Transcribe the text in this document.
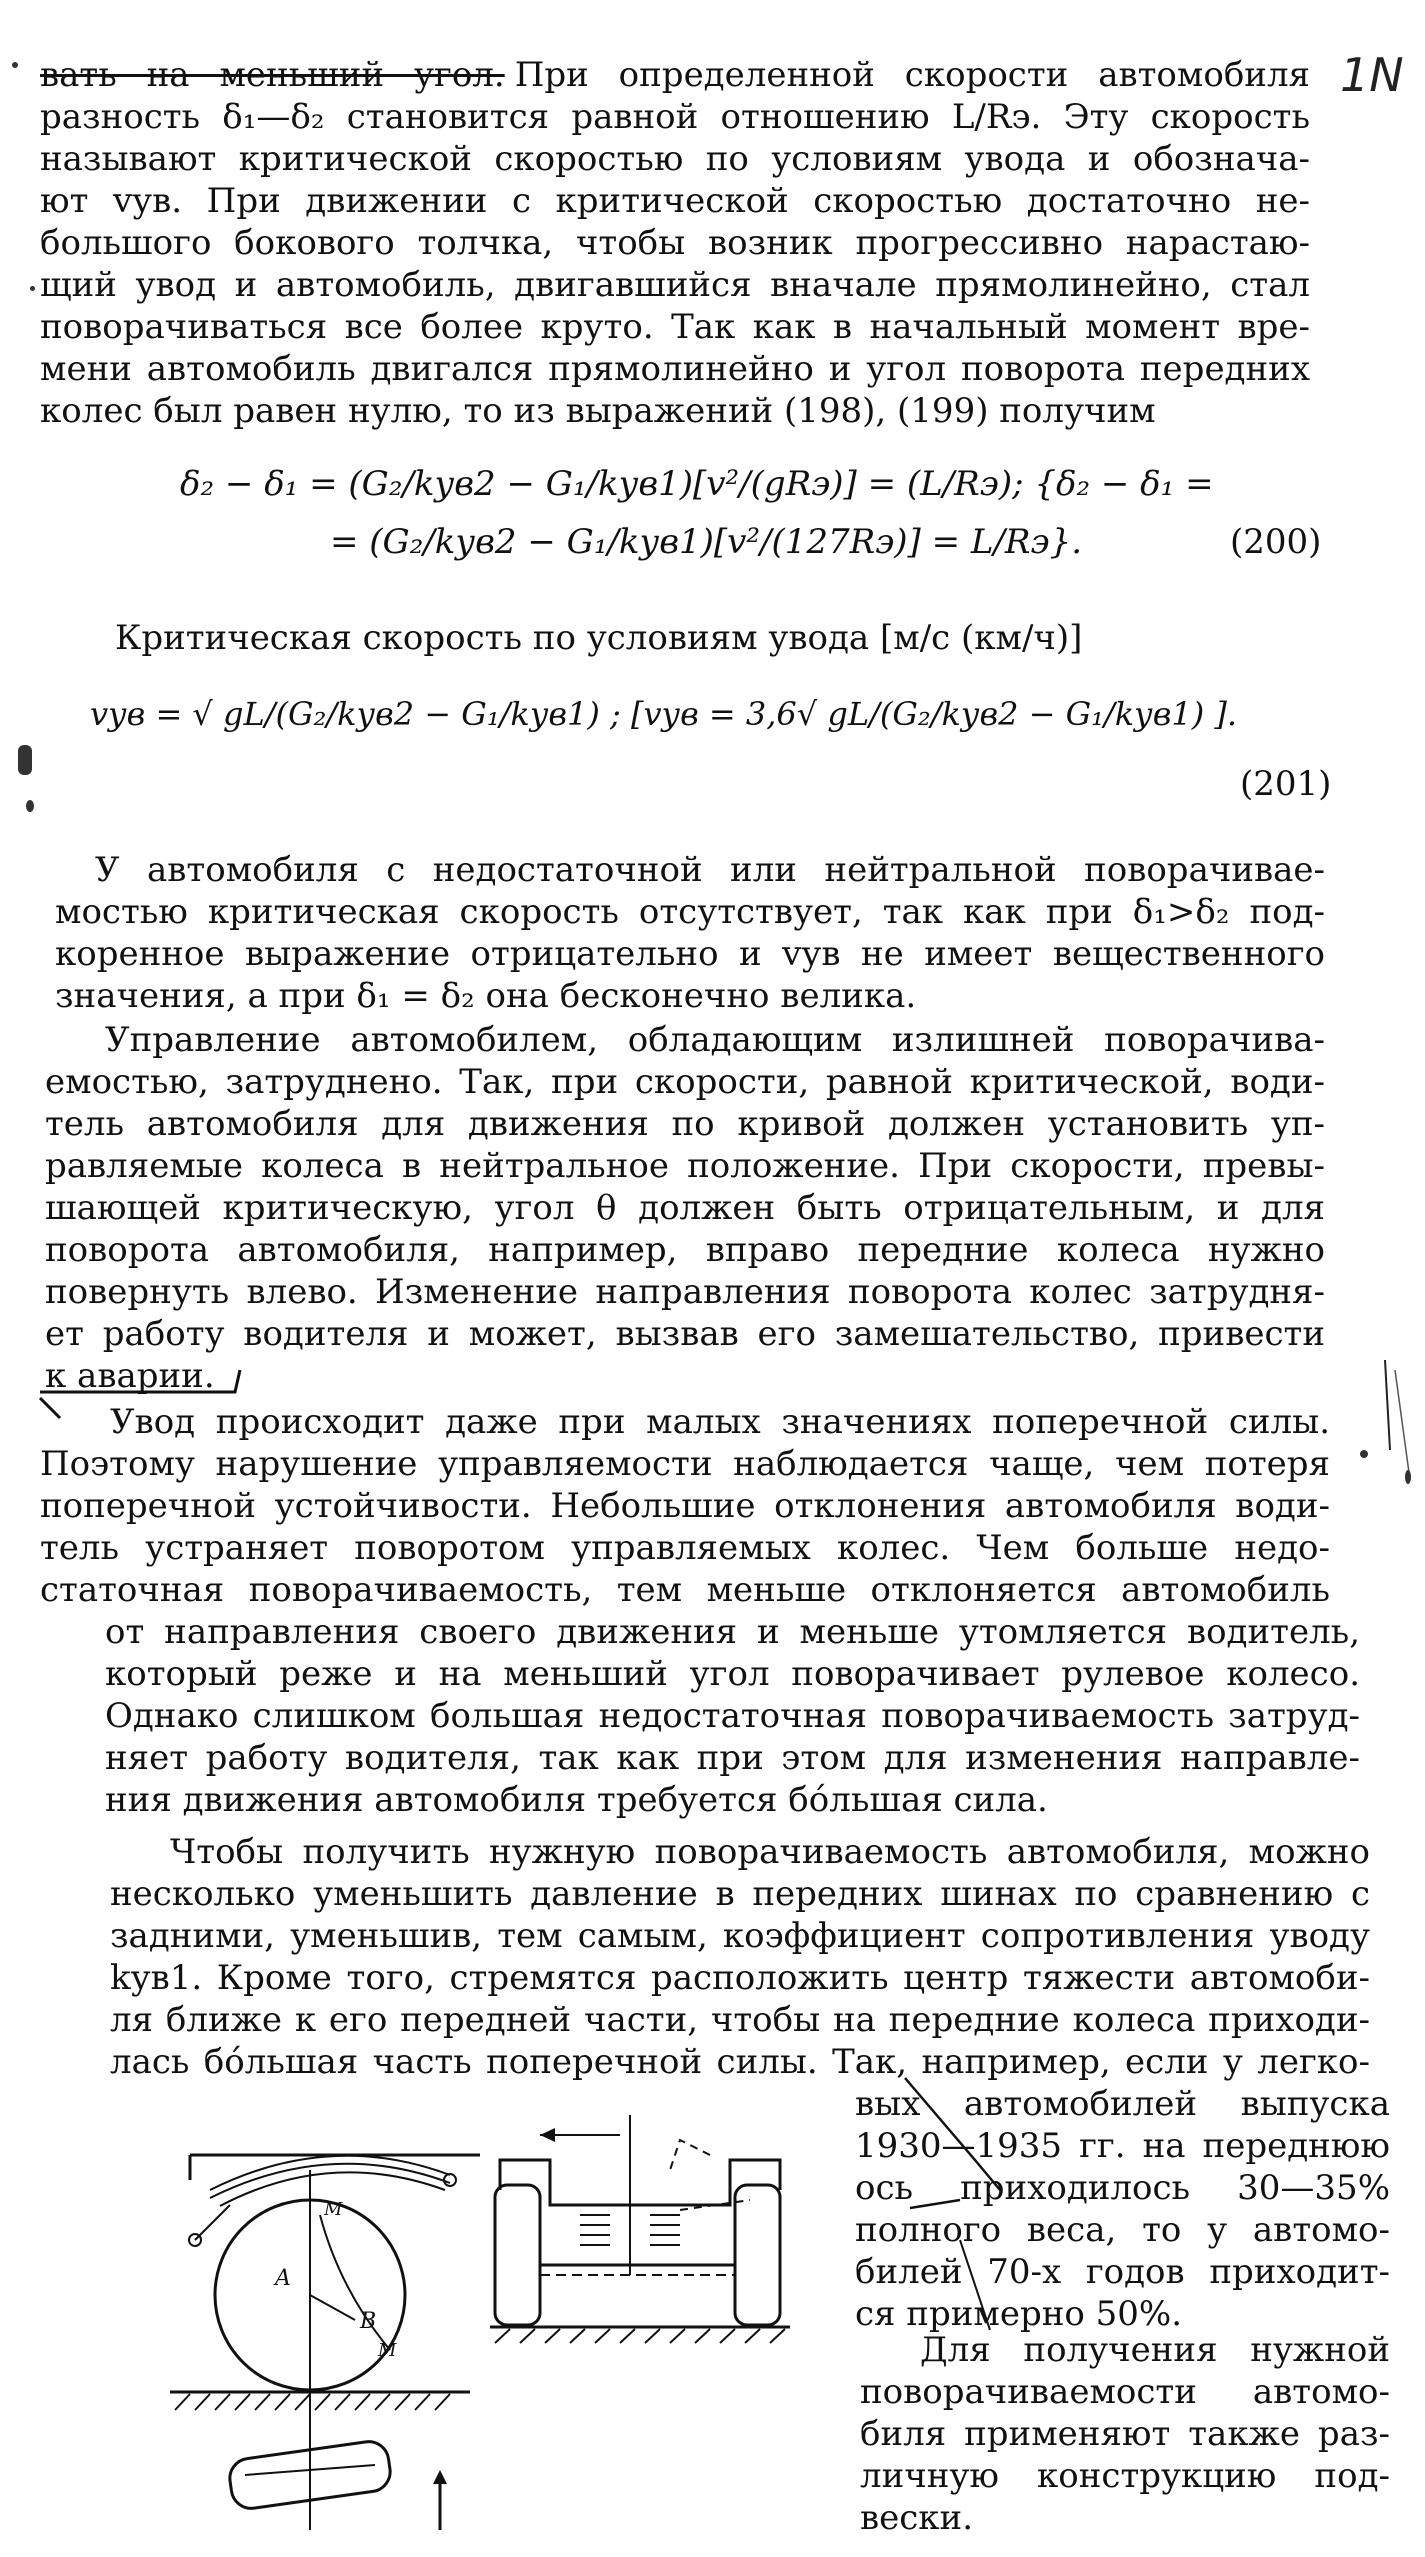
1N
вать на меньший угол. При определенной скорости автомобиля
разность δ₁—δ₂ становится равной отношению L/Rэ. Эту скорость
называют критической скоростью по условиям увода и обознача-
ют vув. При движении с критической скоростью достаточно не-
большого бокового толчка, чтобы возник прогрессивно нарастаю-
щий увод и автомобиль, двигавшийся вначале прямолинейно, стал
поворачиваться все более круто. Так как в начальный момент вре-
мени автомобиль двигался прямолинейно и угол поворота передних
колес был равен нулю, то из выражений (198), (199) получим
δ₂ − δ₁ = (G₂/kув2 − G₁/kув1)[v²/(gRэ)] = (L/Rэ); {δ₂ − δ₁ =
= (G₂/kув2 − G₁/kув1)[v²/(127Rэ)] = L/Rэ}.	(200)
Критическая скорость по условиям увода [м/с (км/ч)]
vув = √ gL/(G₂/kув2 − G₁/kув1) ; [vув = 3,6√ gL/(G₂/kув2 − G₁/kув1) ].
(201)
У автомобиля с недостаточной или нейтральной поворачивае-
мостью критическая скорость отсутствует, так как при δ₁>δ₂ под-
коренное выражение отрицательно и vув не имеет вещественного
значения, а при δ₁ = δ₂ она бесконечно велика.
Управление автомобилем, обладающим излишней поворачива-
емостью, затруднено. Так, при скорости, равной критической, води-
тель автомобиля для движения по кривой должен установить уп-
равляемые колеса в нейтральное положение. При скорости, превы-
шающей критическую, угол θ должен быть отрицательным, и для
поворота автомобиля, например, вправо передние колеса нужно
повернуть влево. Изменение направления поворота колес затрудня-
ет работу водителя и может, вызвав его замешательство, привести
к аварии.
Увод происходит даже при малых значениях поперечной силы.
Поэтому нарушение управляемости наблюдается чаще, чем потеря
поперечной устойчивости. Небольшие отклонения автомобиля води-
тель устраняет поворотом управляемых колес. Чем больше недо-
статочная поворачиваемость, тем меньше отклоняется автомобиль
от направления своего движения и меньше утомляется водитель,
который реже и на меньший угол поворачивает рулевое колесо.
Однако слишком большая недостаточная поворачиваемость затруд-
няет работу водителя, так как при этом для изменения направле-
ния движения автомобиля требуется бо́льшая сила.
Чтобы получить нужную поворачиваемость автомобиля, можно
несколько уменьшить давление в передних шинах по сравнению с
задними, уменьшив, тем самым, коэффициент сопротивления уводу
kув1. Кроме того, стремятся расположить центр тяжести автомоби-
ля ближе к его передней части, чтобы на передние колеса приходи-
лась бо́льшая часть поперечной силы. Так, например, если у легко-
вых автомобилей выпуска
1930—1935 гг. на переднюю
ось приходилось 30—35%
полного веса, то у автомо-
билей 70-х годов приходит-
ся примерно 50%.
Для получения нужной
поворачиваемости автомо-
биля применяют также раз-
личную конструкцию под-
вески.
A
M
B
M
